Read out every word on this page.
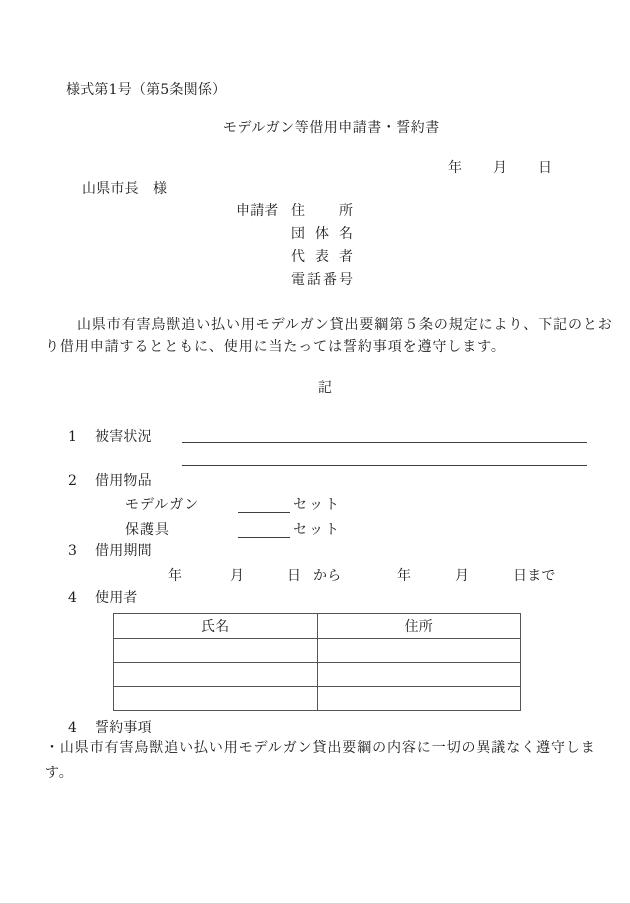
様式第1号（第5条関係）
モデルガン等借用申請書・誓約書
年 月 日
山県市長　様
申請者 住所
団体名
代表者
電話番号
山県市有害鳥獣追い払い用モデルガン貸出要綱第５条の規定により、下記のとお
り借用申請するとともに、使用に当たっては誓約事項を遵守します。
記
1 被害状況
2 借用物品
モデルガン	セット
保護具	セット
3 借用期間
年	月	日 から	年	月	日まで
4 使用者
氏名	住所

4 誓約事項
・山県市有害鳥獣追い払い用モデルガン貸出要綱の内容に一切の異議なく遵守しま
す。
